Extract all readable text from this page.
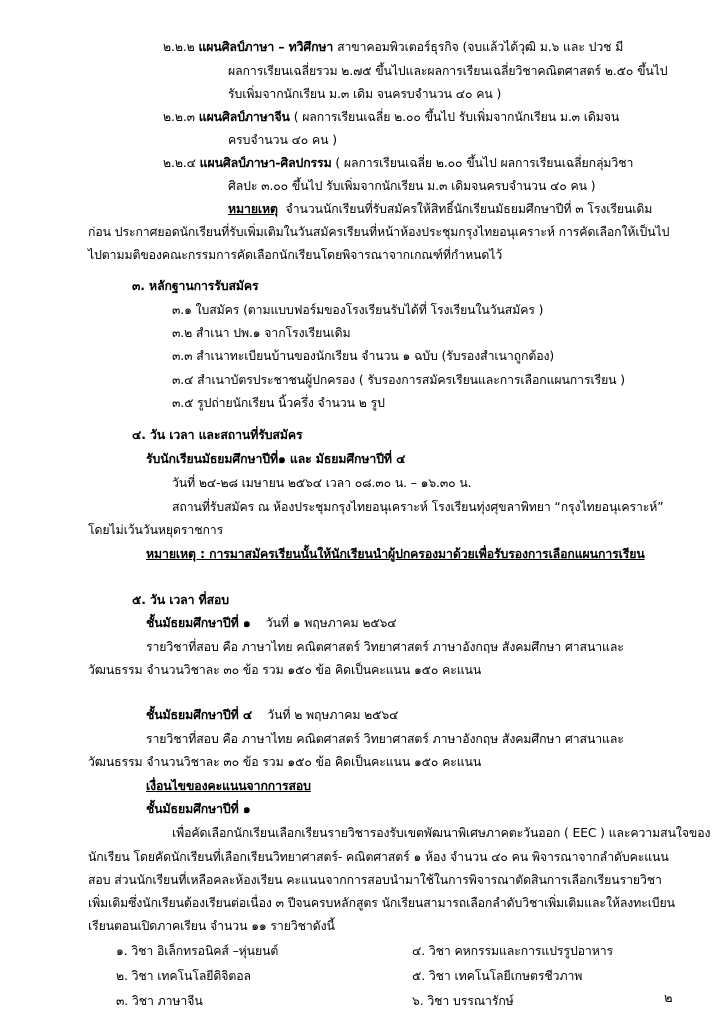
๒.๒.๒ แผนศิลป์ภาษา – ทวิศึกษา สาขาคอมพิวเตอร์ธุรกิจ (จบแล้วได้วุฒิ ม.๖ และ ปวช มี
ผลการเรียนเฉลี่ยรวม ๒.๗๕ ขึ้นไปและผลการเรียนเฉลี่ยวิชาคณิตศาสตร์ ๒.๕๐ ขึ้นไป
รับเพิ่มจากนักเรียน ม.๓ เดิม จนครบจำนวน ๔๐ คน )
๒.๒.๓ แผนศิลป์ภาษาจีน ( ผลการเรียนเฉลี่ย ๒.๐๐ ขึ้นไป รับเพิ่มจากนักเรียน ม.๓ เดิมจน
ครบจำนวน ๔๐ คน )
๒.๒.๔ แผนศิลป์ภาษา-ศิลปกรรม ( ผลการเรียนเฉลี่ย ๒.๐๐ ขึ้นไป ผลการเรียนเฉลี่ยกลุ่มวิชา
ศิลปะ ๓.๐๐ ขึ้นไป รับเพิ่มจากนักเรียน ม.๓ เดิมจนครบจำนวน ๔๐ คน )
หมายเหตุ จำนวนนักเรียนที่รับสมัครให้สิทธิ์นักเรียนมัธยมศึกษาปีที่ ๓ โรงเรียนเดิม
ก่อน ประกาศยอดนักเรียนที่รับเพิ่มเติมในวันสมัครเรียนที่หน้าห้องประชุมกรุงไทยอนุเคราะห์ การคัดเลือกให้เป็นไป
ไปตามมติของคณะกรรมการคัดเลือกนักเรียนโดยพิจารณาจากเกณฑ์ที่กำหนดไว้
๓. หลักฐานการรับสมัคร
๓.๑ ใบสมัคร (ตามแบบฟอร์มของโรงเรียนรับได้ที่ โรงเรียนในวันสมัคร )
๓.๒ สำเนา ปพ.๑ จากโรงเรียนเดิม
๓.๓ สำเนาทะเบียนบ้านของนักเรียน จำนวน ๑ ฉบับ (รับรองสำเนาถูกต้อง)
๓.๔ สำเนาบัตรประชาชนผู้ปกครอง ( รับรองการสมัครเรียนและการเลือกแผนการเรียน )
๓.๕ รูปถ่ายนักเรียน นิ้วครึ่ง จำนวน ๒ รูป
๔. วัน เวลา และสถานที่รับสมัคร
รับนักเรียนมัธยมศึกษาปีที่๑ และ มัธยมศึกษาปีที่ ๔
วันที่ ๒๔-๒๘ เมษายน ๒๕๖๔ เวลา ๐๘.๓๐ น. – ๑๖.๓๐ น.
สถานที่รับสมัคร ณ ห้องประชุมกรุงไทยอนุเคราะห์ โรงเรียนทุ่งศุขลาพิทยา “กรุงไทยอนุเคราะห์”
โดยไม่เว้นวันหยุดราชการ
หมายเหตุ : การมาสมัครเรียนนั้นให้นักเรียนนำผู้ปกครองมาด้วยเพื่อรับรองการเลือกแผนการเรียน
๕. วัน เวลา ที่สอบ
ชั้นมัธยมศึกษาปีที่ ๑ วันที่ ๑ พฤษภาคม ๒๕๖๔
รายวิชาที่สอบ คือ ภาษาไทย คณิตศาสตร์ วิทยาศาสตร์ ภาษาอังกฤษ สังคมศึกษา ศาสนาและ
วัฒนธรรม จำนวนวิชาละ ๓๐ ข้อ รวม ๑๕๐ ข้อ คิดเป็นคะแนน ๑๕๐ คะแนน
ชั้นมัธยมศึกษาปีที่ ๔ วันที่ ๒ พฤษภาคม ๒๕๖๔
รายวิชาที่สอบ คือ ภาษาไทย คณิตศาสตร์ วิทยาศาสตร์ ภาษาอังกฤษ สังคมศึกษา ศาสนาและ
วัฒนธรรม จำนวนวิชาละ ๓๐ ข้อ รวม ๑๕๐ ข้อ คิดเป็นคะแนน ๑๕๐ คะแนน
เงื่อนไขของคะแนนจากการสอบ
ชั้นมัธยมศึกษาปีที่ ๑
เพื่อคัดเลือกนักเรียนเลือกเรียนรายวิชารองรับเขตพัฒนาพิเศษภาคตะวันออก ( EEC ) และความสนใจของ
นักเรียน โดยคัดนักเรียนที่เลือกเรียนวิทยาศาสตร์- คณิตศาสตร์ ๑ ห้อง จำนวน ๔๐ คน พิจารณาจากลำดับคะแนน
สอบ ส่วนนักเรียนที่เหลือคละห้องเรียน คะแนนจากการสอบนำมาใช้ในการพิจารณาตัดสินการเลือกเรียนรายวิชา
เพิ่มเติมซึ่งนักเรียนต้องเรียนต่อเนื่อง ๓ ปีจนครบหลักสูตร นักเรียนสามารถเลือกลำดับวิชาเพิ่มเติมและให้ลงทะเบียน
เรียนตอนเปิดภาคเรียน จำนวน ๑๑ รายวิชาดังนี้
๑. วิชา อิเล็กทรอนิคส์ –หุ่นยนต์	๔. วิชา คหกรรมและการแปรรูปอาหาร
๒. วิชา เทคโนโลยีดิจิตอล	๕. วิชา เทคโนโลยีเกษตรชีวภาพ
๓. วิชา ภาษาจีน	๖. วิชา บรรณารักษ์	๒
